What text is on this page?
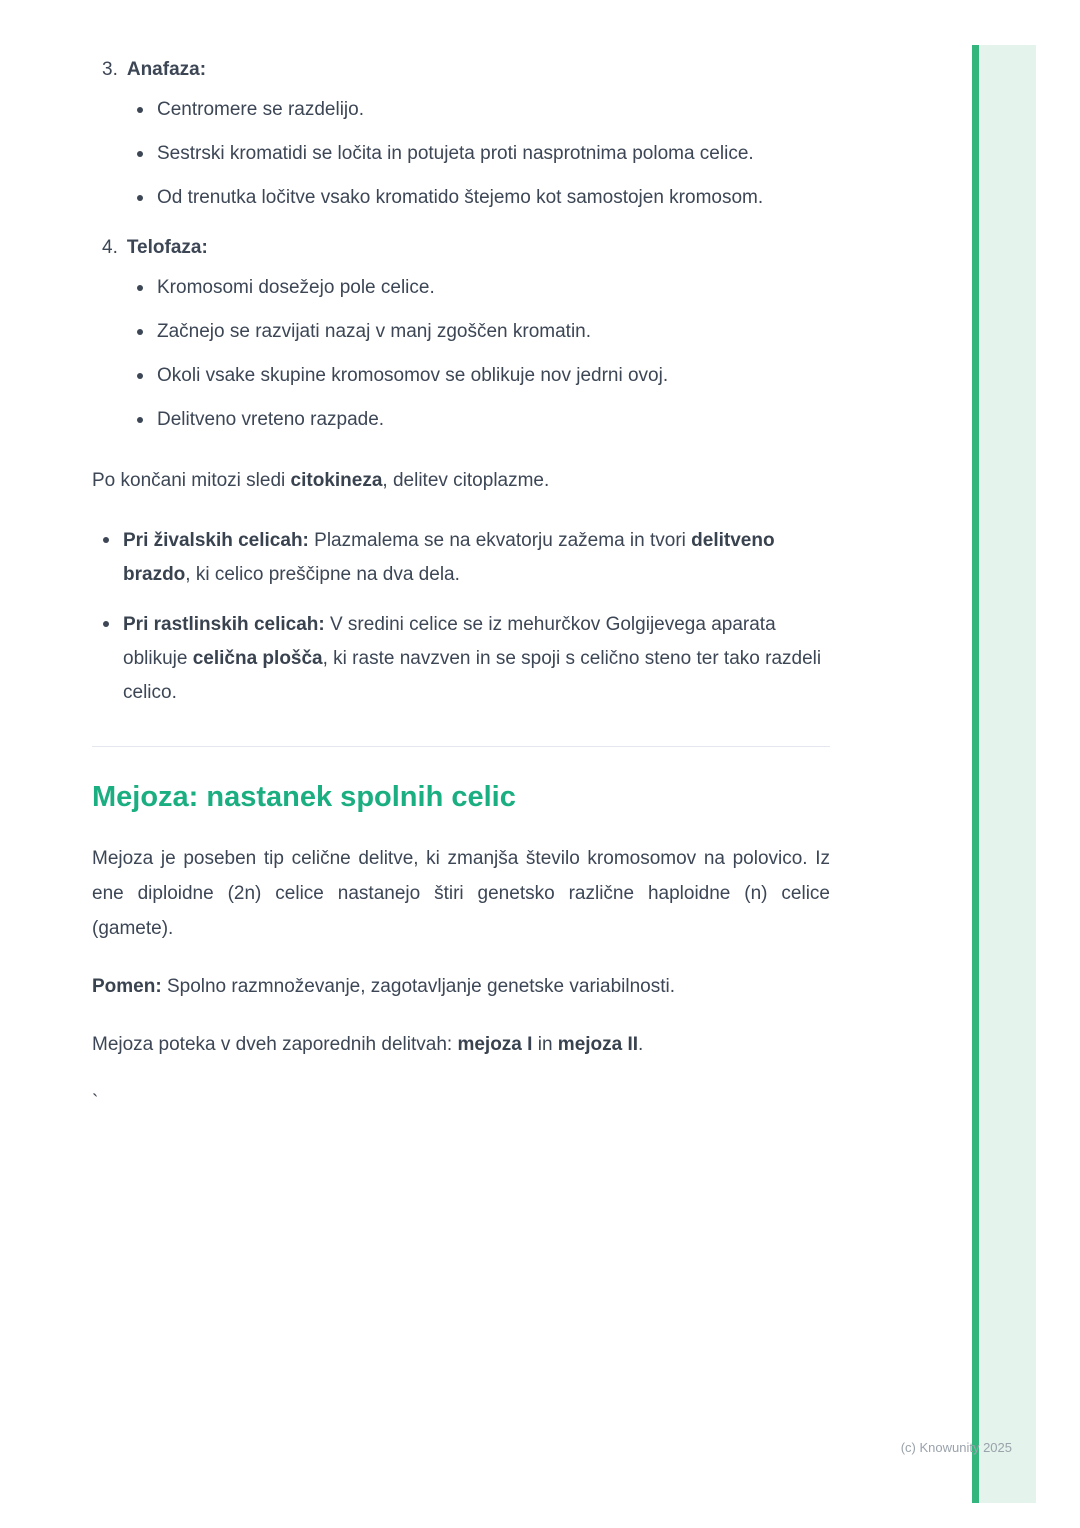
3. Anafaza:
Centromere se razdelijo.
Sestrski kromatidi se ločita in potujeta proti nasprotnima poloma celice.
Od trenutka ločitve vsako kromatido štejemo kot samostojen kromosom.
4. Telofaza:
Kromosomi dosežejo pole celice.
Začnejo se razvijati nazaj v manj zgoščen kromatin.
Okoli vsake skupine kromosomov se oblikuje nov jedrni ovoj.
Delitveno vreteno razpade.

Po končani mitozi sledi citokineza, delitev citoplazme.

Pri živalskih celicah: Plazmalema se na ekvatorju zažema in tvori delitveno brazdo, ki celico preščipne na dva dela.
Pri rastlinskih celicah: V sredini celice se iz mehurčkov Golgijevega aparata oblikuje celična plošča, ki raste navzven in se spoji s celično steno ter tako razdeli celico.
Mejoza: nastanek spolnih celic

Mejoza je poseben tip celične delitve, ki zmanjša število kromosomov na polovico. Iz ene diploidne (2n) celice nastanejo štiri genetsko različne haploidne (n) celice (gamete).

Pomen: Spolno razmnoževanje, zagotavljanje genetske variabilnosti.

Mejoza poteka v dveh zaporednih delitvah: mejoza I in mejoza II.

`

(c) Knowunity 2025
